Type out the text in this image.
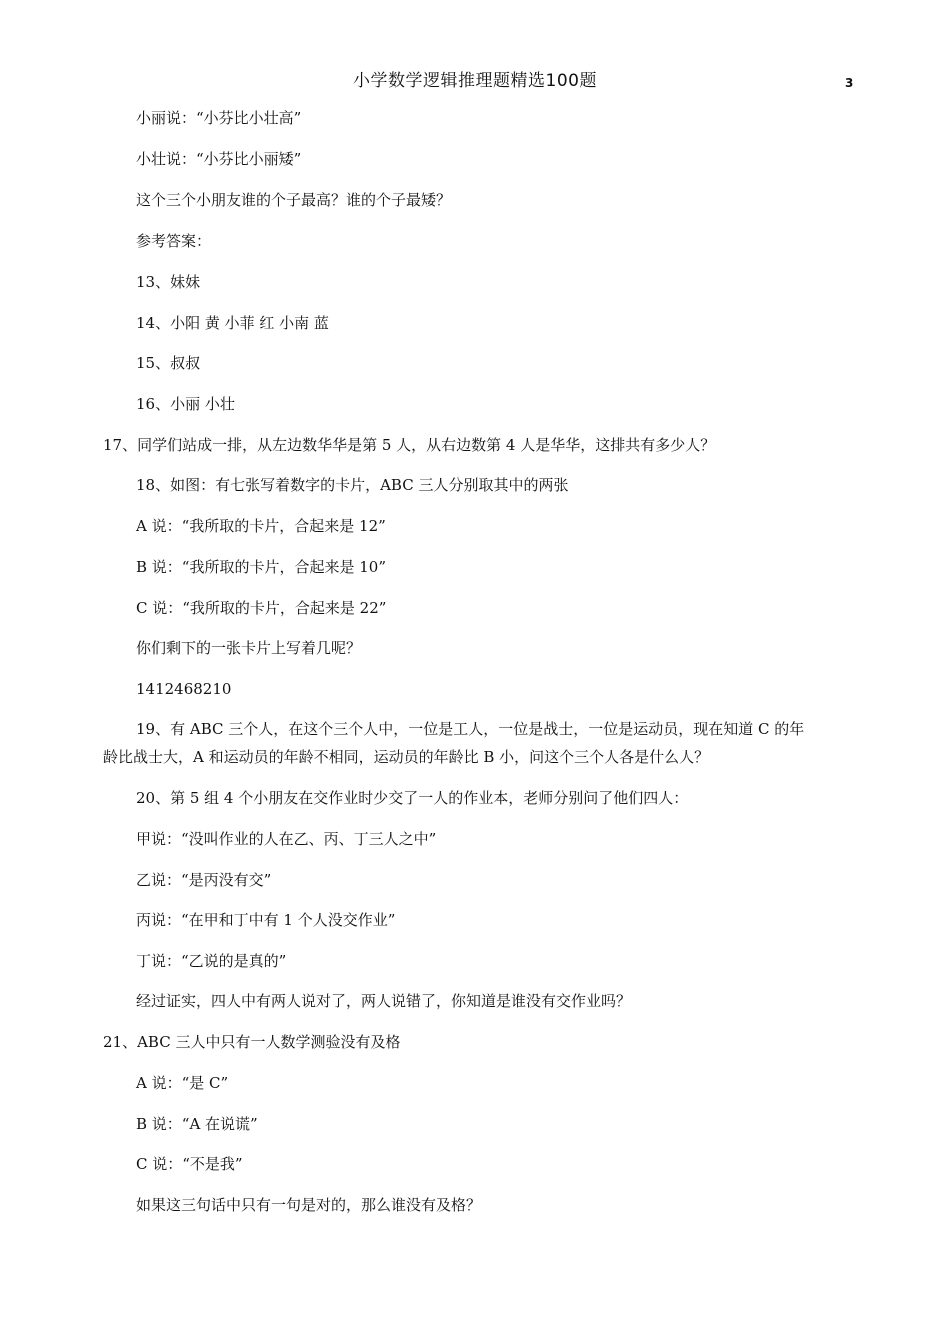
小学数学逻辑推理题精选100题	3
小丽说：“小芬比小壮高”
小壮说：“小芬比小丽矮”
这个三个小朋友谁的个子最高？谁的个子最矮？
参考答案：
13、妹妹
14、小阳 黄 小菲 红 小南 蓝
15、叔叔
16、小丽 小壮
17、同学们站成一排，从左边数华华是第 5 人，从右边数第 4 人是华华，这排共有多少人？
18、如图：有七张写着数字的卡片，ABC 三人分别取其中的两张
A 说：“我所取的卡片，合起来是 12”
B 说：“我所取的卡片，合起来是 10”
C 说：“我所取的卡片，合起来是 22”
你们剩下的一张卡片上写着几呢？
1412468210
19、有 ABC 三个人，在这个三个人中，一位是工人，一位是战士，一位是运动员，现在知道 C 的年
龄比战士大，A 和运动员的年龄不相同，运动员的年龄比 B 小，问这个三个人各是什么人？
20、第 5 组 4 个小朋友在交作业时少交了一人的作业本，老师分别问了他们四人：
甲说：“没叫作业的人在乙、丙、丁三人之中”
乙说：“是丙没有交”
丙说：“在甲和丁中有 1 个人没交作业”
丁说：“乙说的是真的”
经过证实，四人中有两人说对了，两人说错了，你知道是谁没有交作业吗？
21、ABC 三人中只有一人数学测验没有及格
A 说：“是 C”
B 说：“A 在说谎”
C 说：“不是我”
如果这三句话中只有一句是对的，那么谁没有及格？
